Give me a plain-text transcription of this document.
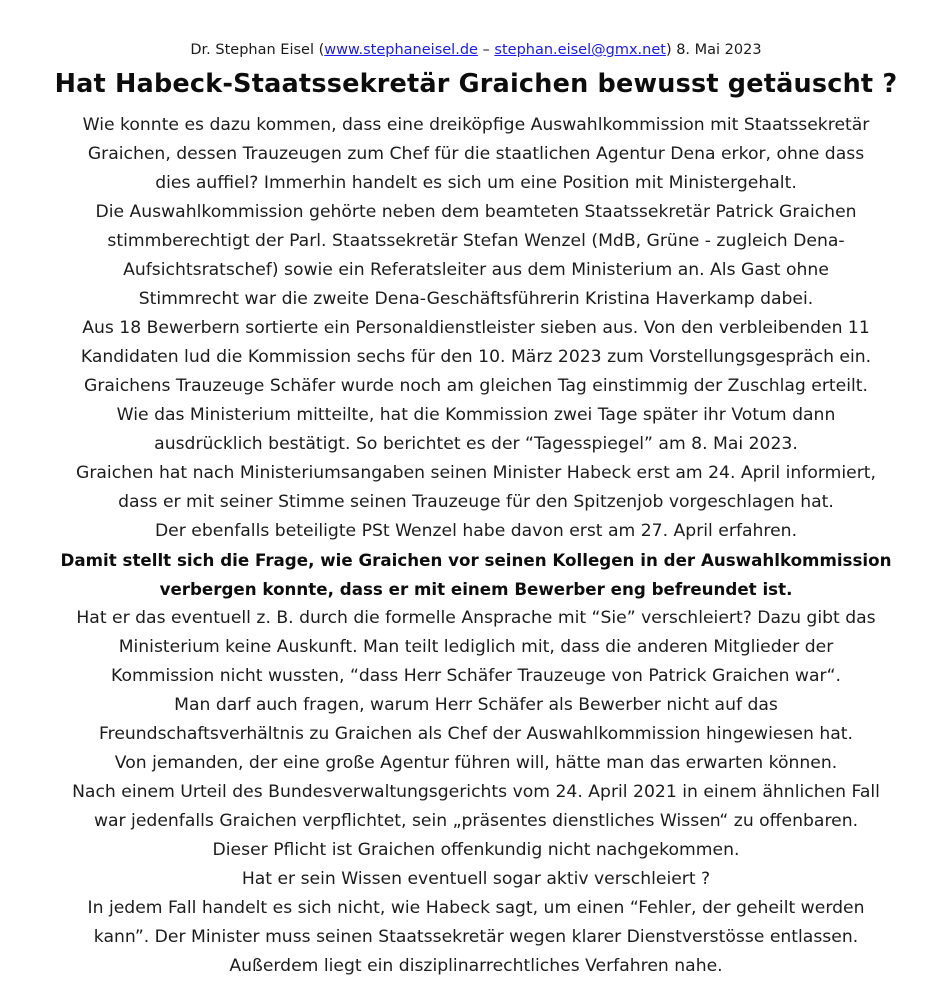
Dr. Stephan Eisel (www.stephaneisel.de – stephan.eisel@gmx.net) 8. Mai 2023
Hat Habeck-Staatssekretär Graichen bewusst getäuscht ?
Wie konnte es dazu kommen, dass eine dreiköpfige Auswahlkommission mit Staatssekretär
Graichen, dessen Trauzeugen zum Chef für die staatlichen Agentur Dena erkor, ohne dass
dies auffiel? Immerhin handelt es sich um eine Position mit Ministergehalt.
Die Auswahlkommission gehörte neben dem beamteten Staatssekretär Patrick Graichen
stimmberechtigt der Parl. Staatssekretär Stefan Wenzel (MdB, Grüne - zugleich Dena-
Aufsichtsratschef) sowie ein Referatsleiter aus dem Ministerium an. Als Gast ohne
Stimmrecht war die zweite Dena-Geschäftsführerin Kristina Haverkamp dabei.
Aus 18 Bewerbern sortierte ein Personaldienstleister sieben aus. Von den verbleibenden 11
Kandidaten lud die Kommission sechs für den 10. März 2023 zum Vorstellungsgespräch ein.
Graichens Trauzeuge Schäfer wurde noch am gleichen Tag einstimmig der Zuschlag erteilt.
Wie das Ministerium mitteilte, hat die Kommission zwei Tage später ihr Votum dann
ausdrücklich bestätigt. So berichtet es der “Tagesspiegel” am 8. Mai 2023.
Graichen hat nach Ministeriumsangaben seinen Minister Habeck erst am 24. April informiert,
dass er mit seiner Stimme seinen Trauzeuge für den Spitzenjob vorgeschlagen hat.
Der ebenfalls beteiligte PSt Wenzel habe davon erst am 27. April erfahren.
Damit stellt sich die Frage, wie Graichen vor seinen Kollegen in der Auswahlkommission
verbergen konnte, dass er mit einem Bewerber eng befreundet ist.
Hat er das eventuell z. B. durch die formelle Ansprache mit “Sie” verschleiert? Dazu gibt das
Ministerium keine Auskunft. Man teilt lediglich mit, dass die anderen Mitglieder der
Kommission nicht wussten, “dass Herr Schäfer Trauzeuge von Patrick Graichen war“.
Man darf auch fragen, warum Herr Schäfer als Bewerber nicht auf das
Freundschaftsverhältnis zu Graichen als Chef der Auswahlkommission hingewiesen hat.
Von jemanden, der eine große Agentur führen will, hätte man das erwarten können.
Nach einem Urteil des Bundesverwaltungsgerichts vom 24. April 2021 in einem ähnlichen Fall
war jedenfalls Graichen verpflichtet, sein „präsentes dienstliches Wissen“ zu offenbaren.
Dieser Pflicht ist Graichen offenkundig nicht nachgekommen.
Hat er sein Wissen eventuell sogar aktiv verschleiert ?
In jedem Fall handelt es sich nicht, wie Habeck sagt, um einen “Fehler, der geheilt werden
kann”. Der Minister muss seinen Staatssekretär wegen klarer Dienstverstösse entlassen.
Außerdem liegt ein disziplinarrechtliches Verfahren nahe.
